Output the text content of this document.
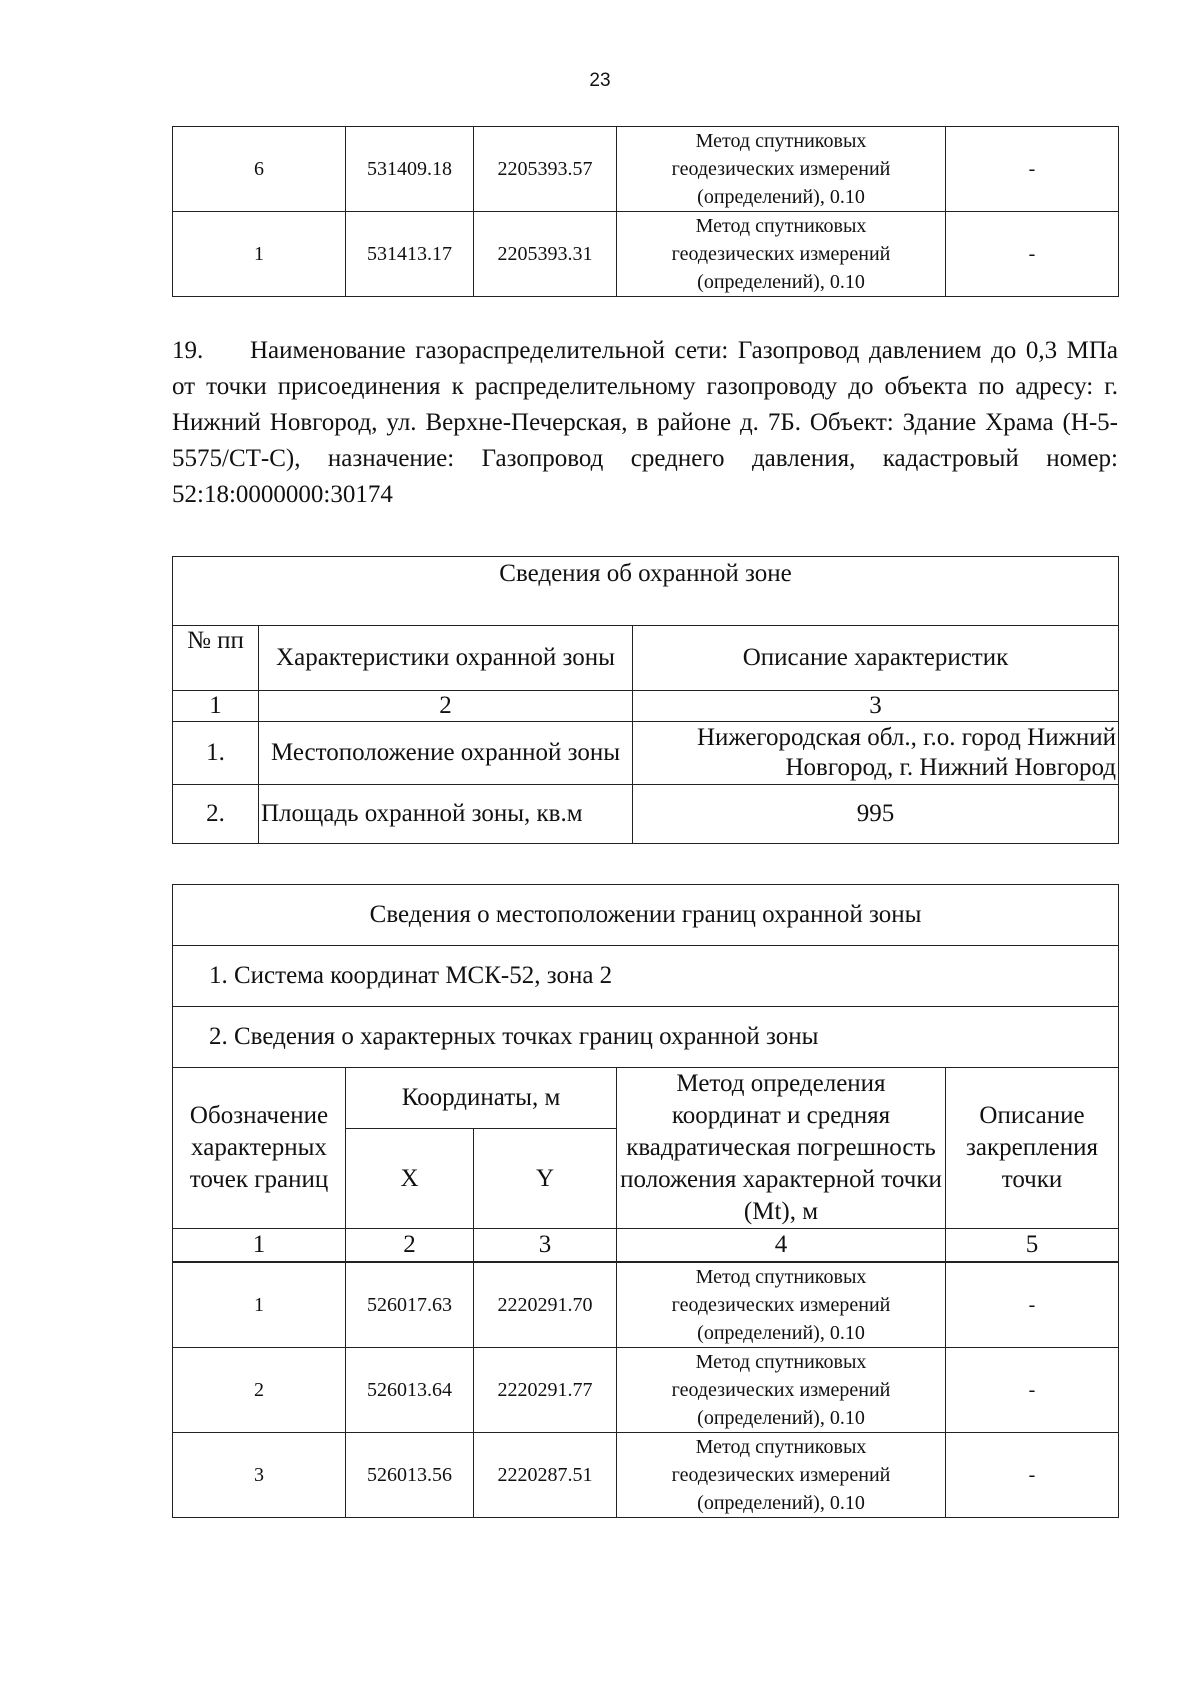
23
6	531409.18	2205393.57	Метод спутниковых
геодезических измерений
(определений), 0.10	-
1	531413.17	2205393.31	Метод спутниковых
геодезических измерений
(определений), 0.10	-

19. Наименование газораспределительной сети: Газопровод давлением до 0,3 МПа от точки присоединения к распределительному газопроводу до объекта по адресу: г. Нижний Новгород, ул. Верхне-Печерская, в районе д. 7Б. Объект: Здание Храма (Н-5-5575/СТ-С), назначение: Газопровод среднего давления, кадастровый номер: 52:18:0000000:30174

Сведения об охранной зоне		
№ пп	Характеристики охранной зоны	Описание характеристик
1	2	3
1.	Местоположение охранной зоны	Нижегородская обл., г.о. город Нижний Новгород, г. Нижний Новгород
2.	Площадь охранной зоны, кв.м	995
Сведения о местоположении границ охранной зоны				
1. Система координат МСК-52, зона 2				
2. Сведения о характерных точках границ охранной зоны				
Обозначение характерных точек границ	Координаты, м		Метод определения координат и средняя квадратическая погрешность положения характерной точки (Mt), м	Описание закрепления точки
	X	Y		
1	2	3	4	5
1	526017.63	2220291.70	Метод спутниковых
геодезических измерений
(определений), 0.10	-
2	526013.64	2220291.77	Метод спутниковых
геодезических измерений
(определений), 0.10	-
3	526013.56	2220287.51	Метод спутниковых
геодезических измерений
(определений), 0.10	-
